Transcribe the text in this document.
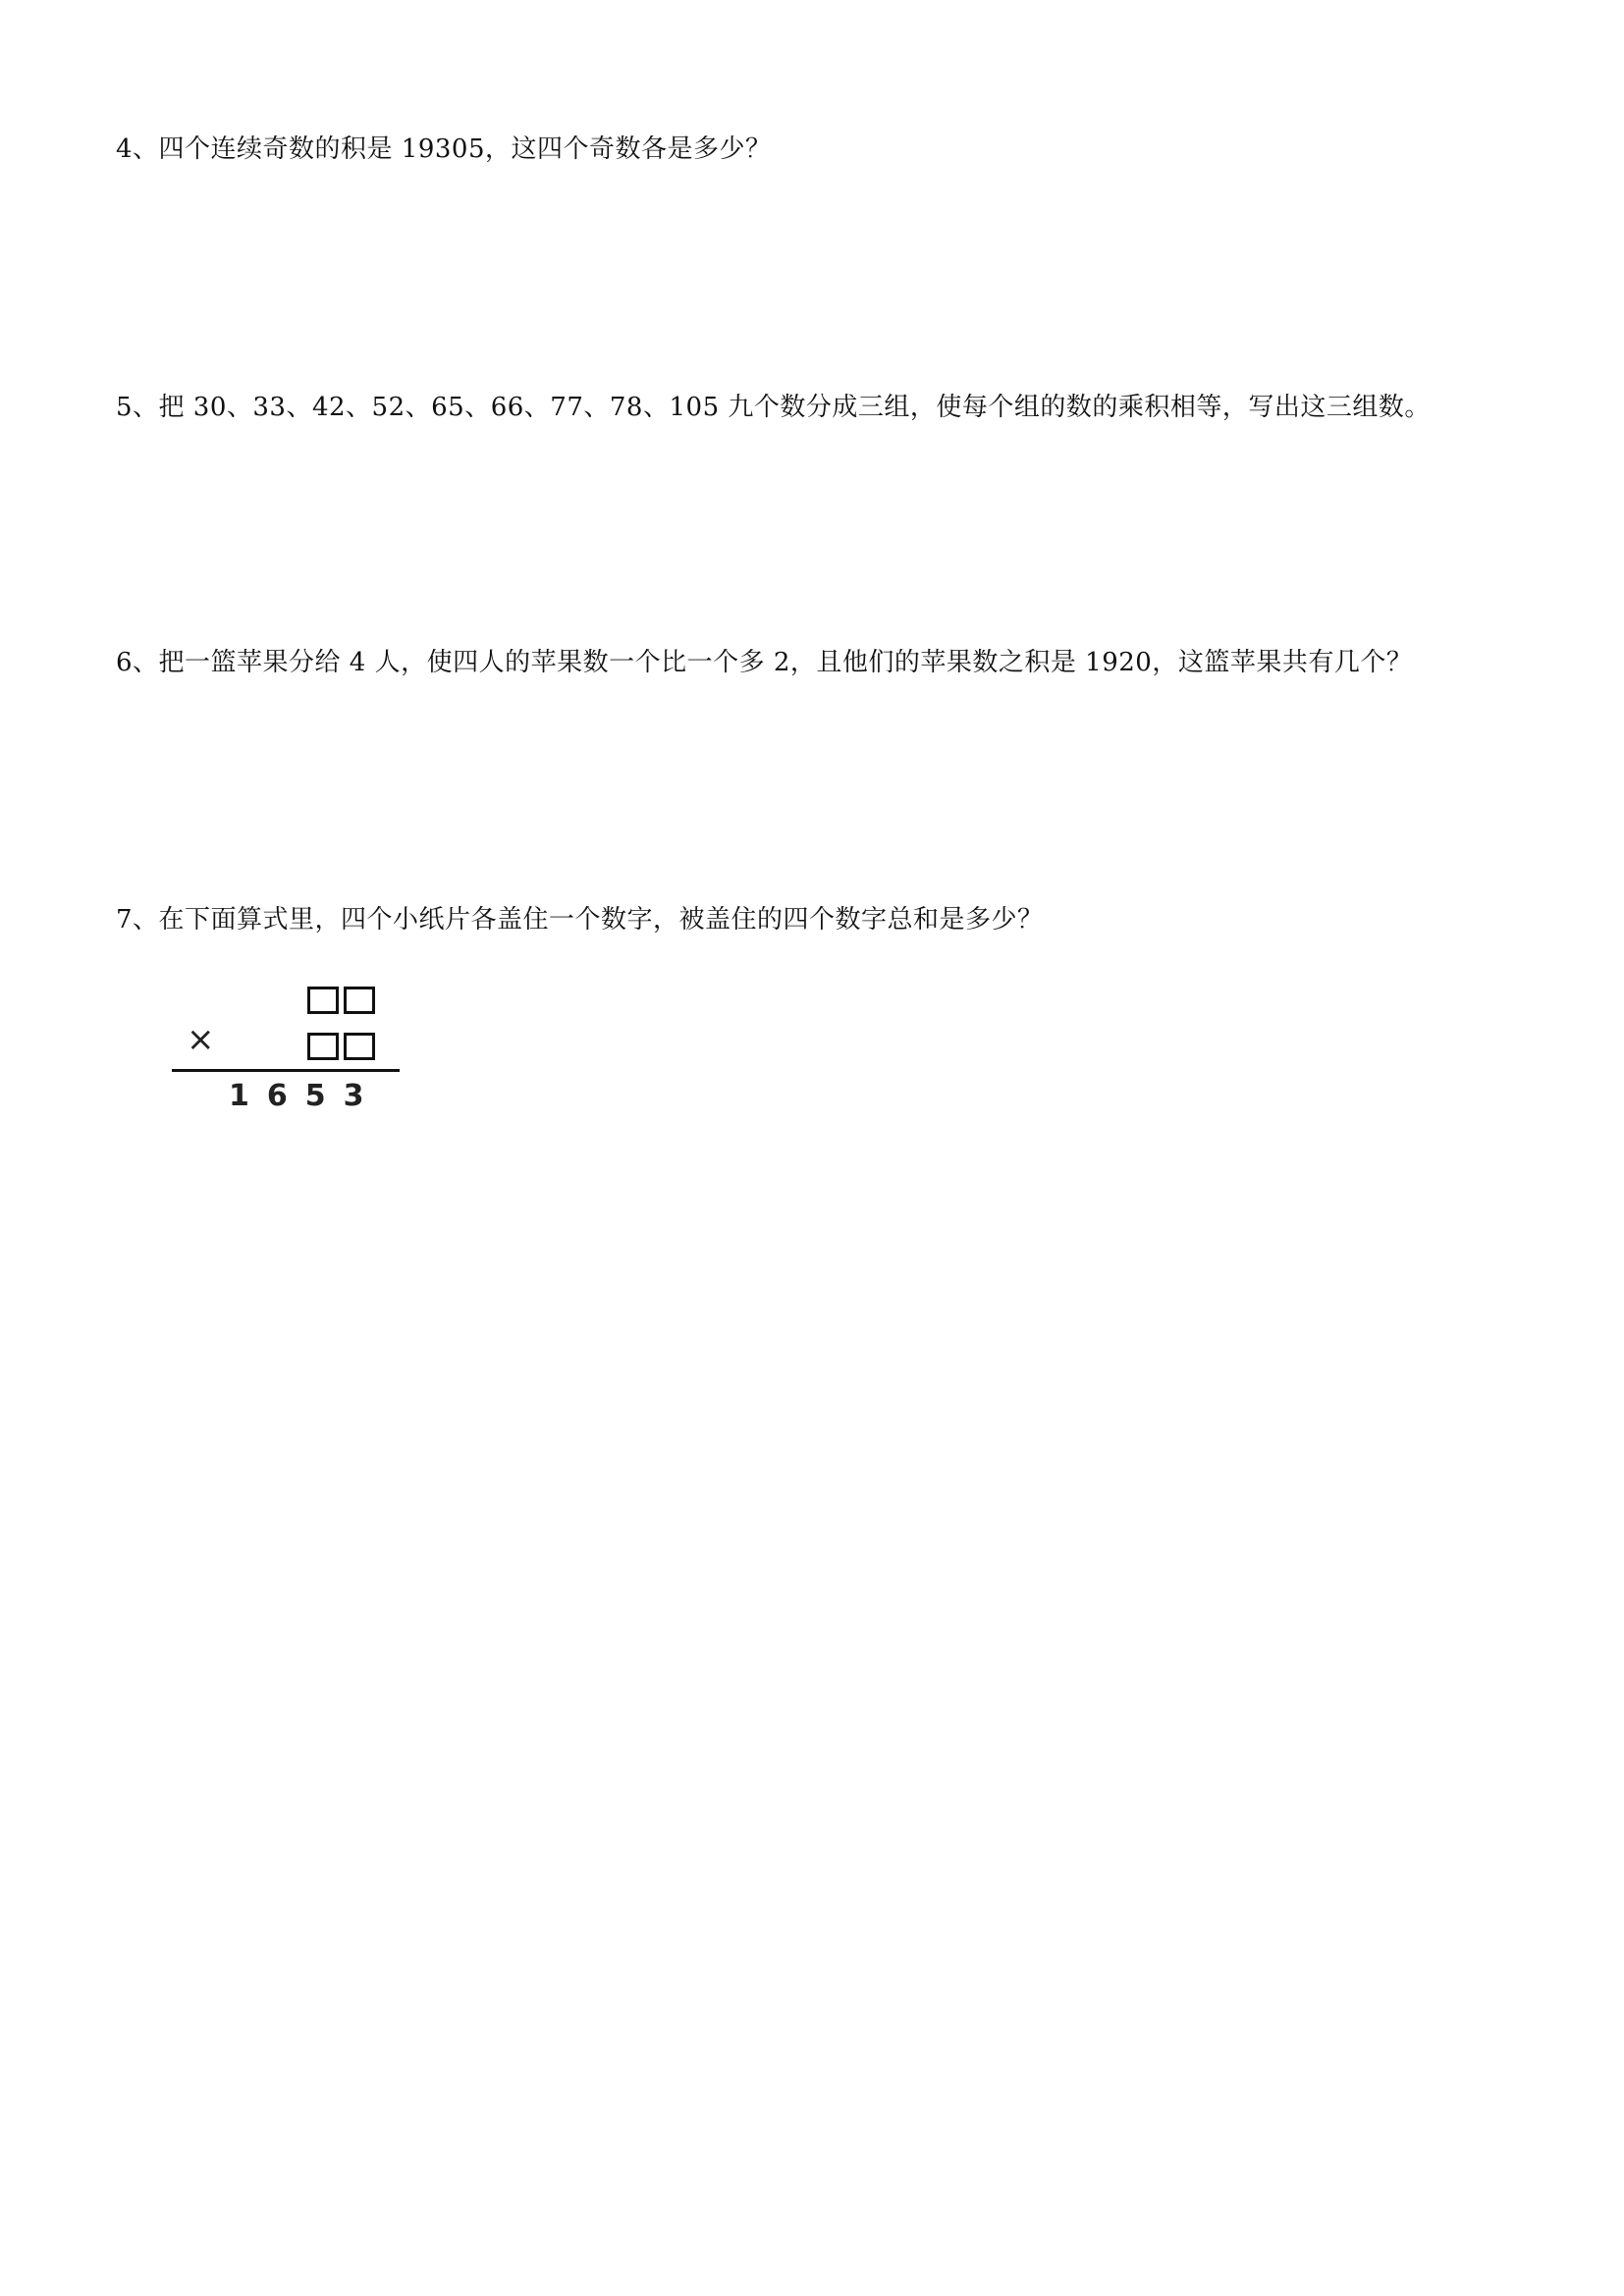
4、四个连续奇数的积是 19305，这四个奇数各是多少？
5、把 30、33、42、52、65、66、77、78、105 九个数分成三组，使每个组的数的乘积相等，写出这三组数。
6、把一篮苹果分给 4 人，使四人的苹果数一个比一个多 2，且他们的苹果数之积是 1920，这篮苹果共有几个？
7、在下面算式里，四个小纸片各盖住一个数字，被盖住的四个数字总和是多少？
×
1653
